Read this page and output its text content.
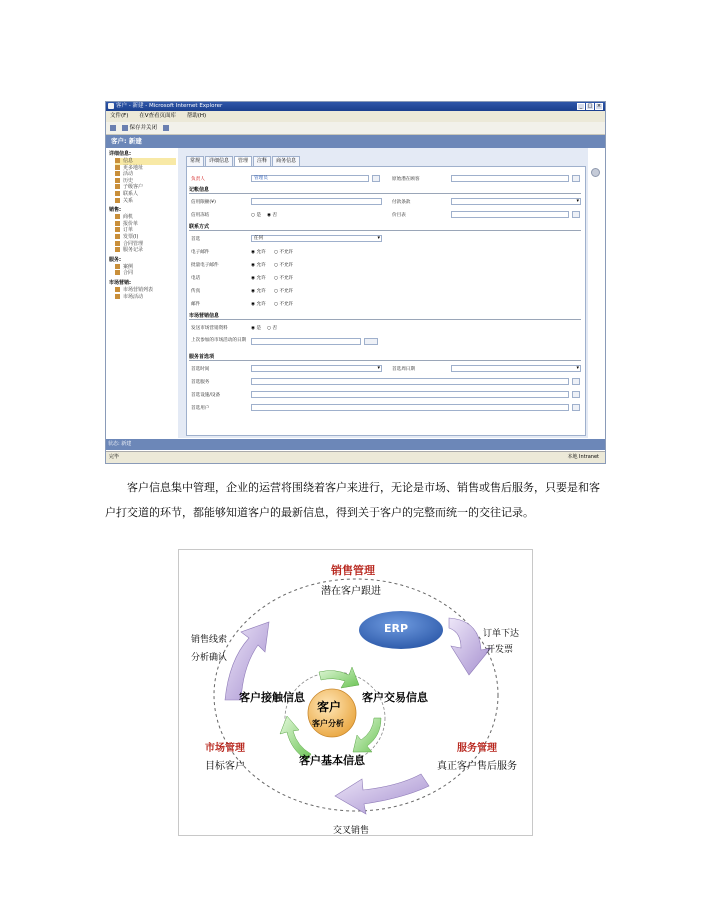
客户 - 新建 - Microsoft Internet Explorer	_	□ ×
文件(F) 在V查看页面库 帮助(H)
保存并关闭
客户: 新建
详细信息:
信息
更多地址
活动
历史
子级客户
联系人
关系
销售:
商机
报价单
订单
发票(I)
合同管理
服务记录
服务:
案例
合同
市场营销:
市场营销列表
市场活动
常规	详细信息	管理	注释	商务信息
负责人	管理员	原始潜在顾客
记帐信息
信用限额(¥)	付款条款
▾
信用冻结	○ 是 ◉ 否	价目表
联系方式
首选	任何 ▾
电子邮件	◉ 允许 ○ 不允许
批量电子邮件	◉ 允许 ○ 不允许
电话	◉ 允许 ○ 不允许
传真	◉ 允许 ○ 不允许
邮件	◉ 允许 ○ 不允许
市场营销信息
发送市场营销资料	◉ 是 ○ 否
上次参加的市场活动的日期
服务首选项
首选时间
▾	首选周日期
▾
首选服务
首选设施/设备
首选用户
状态: 新建
完毕	本地 Intranet
客户信息集中管理，企业的运营将围绕着客户来进行，无论是市场、销售或售后服务，只要是和客户打交道的环节，都能够知道客户的最新信息，得到关于客户的完整而统一的交往记录。
销售管理
潜在客户跟进
ERP	订单下达
开发票
销售线索
分析确认
客户接触信息	客户交易信息
客户
客户分析
客户基本信息
市场管理
目标客户
服务管理
真正客户售后服务
交叉销售
